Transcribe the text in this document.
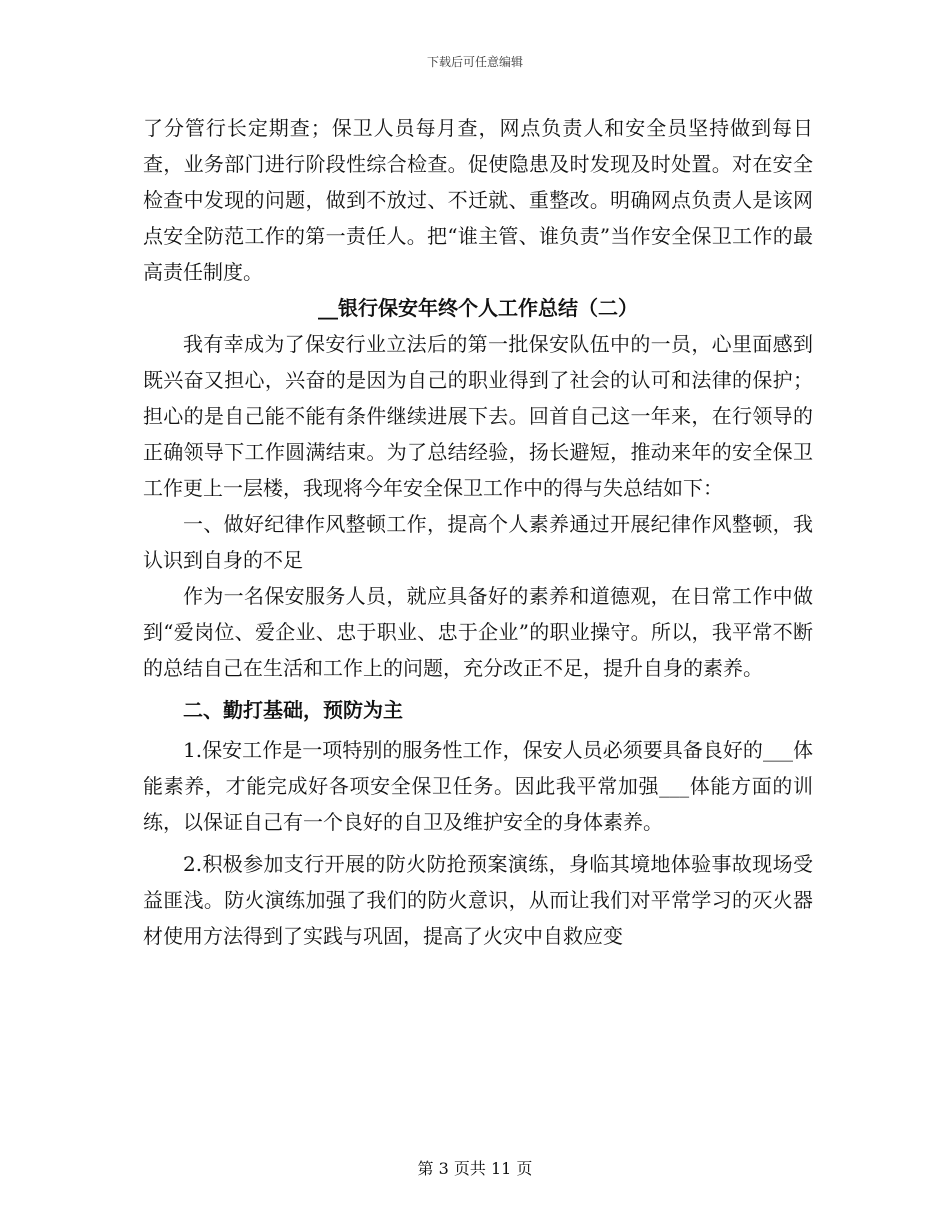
下载后可任意编辑

了分管行长定期查；保卫人员每月查，网点负责人和安全员坚持做到每日查，业务部门进行阶段性综合检查。促使隐患及时发现及时处置。对在安全检查中发现的问题，做到不放过、不迁就、重整改。明确网点负责人是该网点安全防范工作的第一责任人。把“谁主管、谁负责”当作安全保卫工作的最高责任制度。

__银行保安年终个人工作总结（二）

我有幸成为了保安行业立法后的第一批保安队伍中的一员，心里面感到既兴奋又担心，兴奋的是因为自己的职业得到了社会的认可和法律的保护；担心的是自己能不能有条件继续进展下去。回首自己这一年来，在行领导的正确领导下工作圆满结束。为了总结经验，扬长避短，推动来年的安全保卫工作更上一层楼，我现将今年安全保卫工作中的得与失总结如下：

一、做好纪律作风整顿工作，提高个人素养通过开展纪律作风整顿，我认识到自身的不足

作为一名保安服务人员，就应具备好的素养和道德观，在日常工作中做到“爱岗位、爱企业、忠于职业、忠于企业”的职业操守。所以，我平常不断的总结自己在生活和工作上的问题，充分改正不足，提升自身的素养。

二、勤打基础，预防为主

1.保安工作是一项特别的服务性工作，保安人员必须要具备良好的___体能素养，才能完成好各项安全保卫任务。因此我平常加强___体能方面的训练，以保证自己有一个良好的自卫及维护安全的身体素养。

2.积极参加支行开展的防火防抢预案演练，身临其境地体验事故现场受益匪浅。防火演练加强了我们的防火意识，从而让我们对平常学习的灭火器材使用方法得到了实践与巩固，提高了火灾中自救应变

第 3 页共 11 页
